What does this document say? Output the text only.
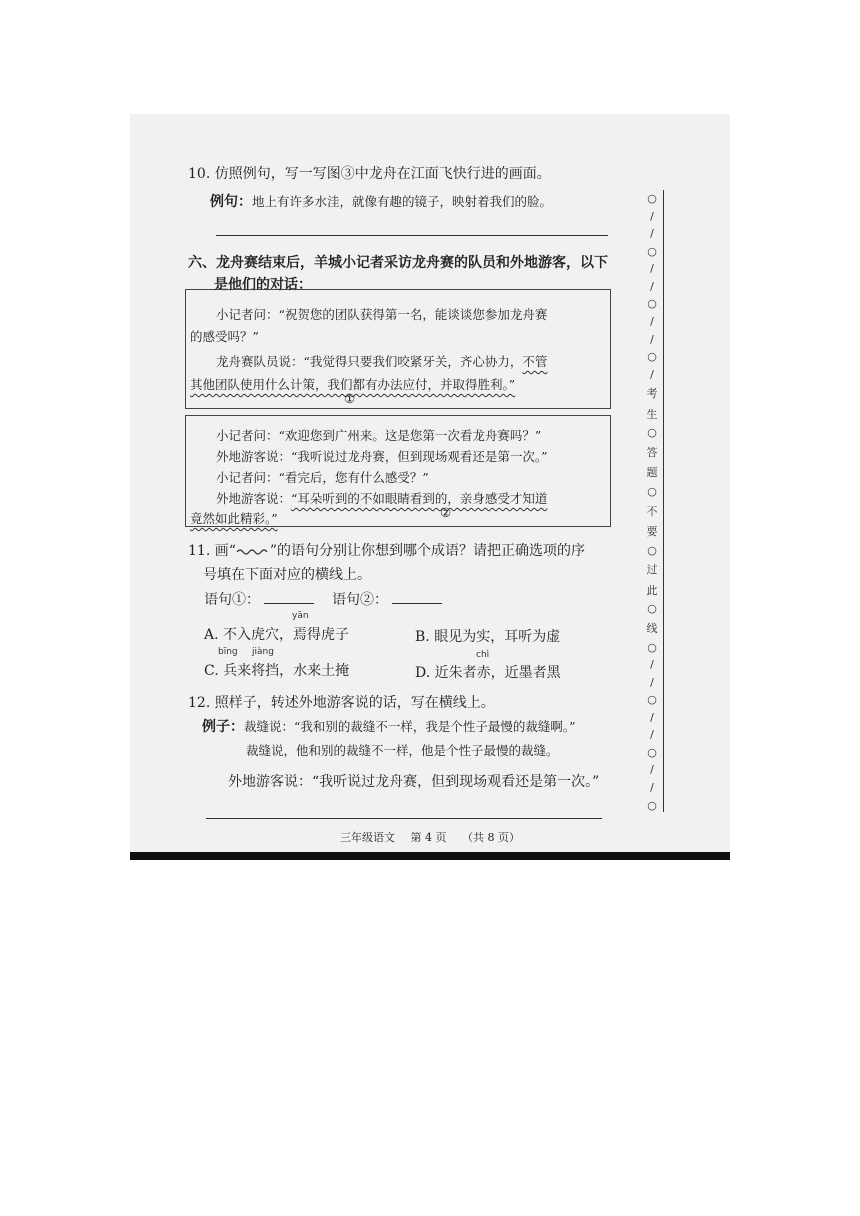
10. 仿照例句，写一写图③中龙舟在江面飞快行进的画面。
例句：地上有许多水洼，就像有趣的镜子，映射着我们的脸。
六、龙舟赛结束后，羊城小记者采访龙舟赛的队员和外地游客，以下
是他们的对话：
小记者问：“祝贺您的团队获得第一名，能谈谈您参加龙舟赛
的感受吗？”
龙舟赛队员说：“我觉得只要我们咬紧牙关，齐心协力，不管
其他团队使用什么计策，我们都有办法应付，并取得胜利。”
①
小记者问：“欢迎您到广州来。这是您第一次看龙舟赛吗？”
外地游客说：“我听说过龙舟赛，但到现场观看还是第一次。”
小记者问：“看完后，您有什么感受？”
外地游客说：“耳朵听到的不如眼睛看到的，亲身感受才知道
竟然如此精彩。”	②
11. 画“ ”的语句分别让你想到哪个成语？请把正确选项的序
号填在下面对应的横线上。
语句①：	语句②：
yān
A. 不入虎穴，焉得虎子	B. 眼见为实，耳听为虚
bīng jiàng
C. 兵来将挡，水来土掩
chì
D. 近朱者赤，近墨者黑
12. 照样子，转述外地游客说的话，写在横线上。
例子：裁缝说：“我和别的裁缝不一样，我是个性子最慢的裁缝啊。”
裁缝说，他和别的裁缝不一样，他是个性子最慢的裁缝。
外地游客说：“我听说过龙舟赛，但到现场观看还是第一次。”
○
/
/
○
/
/
○
/
/
○
/
考
生
○
答
题
○
不
要
○
过
此
○
线
○
/
/
○
/
/
○
/
/
○
三年级语文 第 4 页 （共 8 页）
